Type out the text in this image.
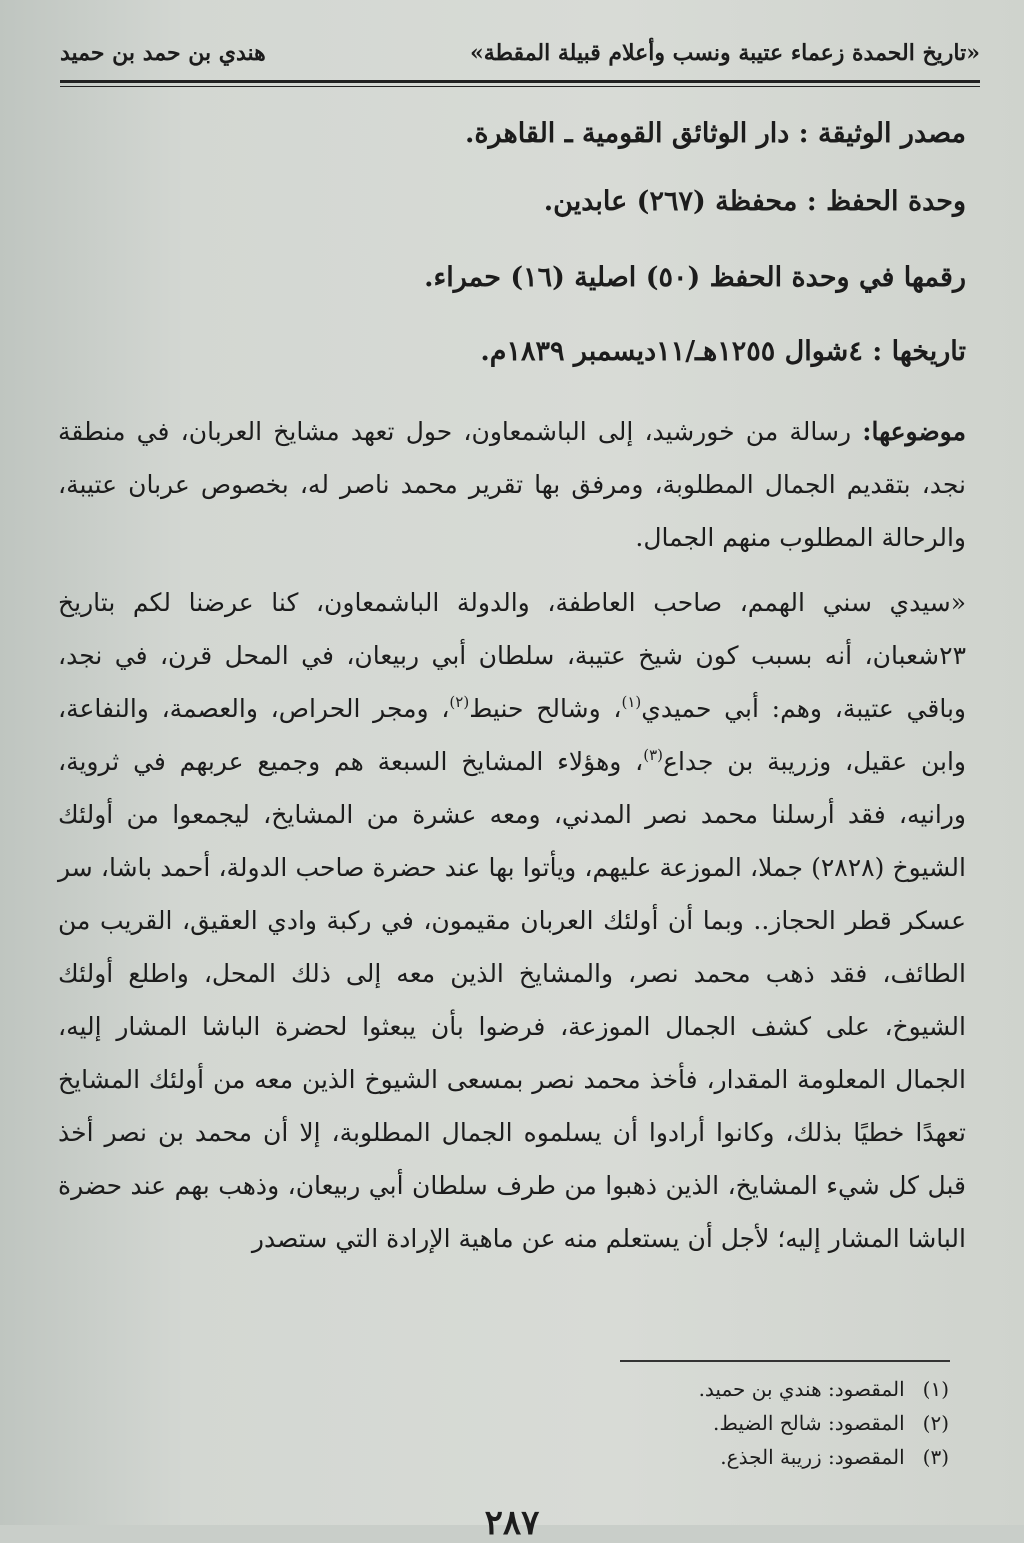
«تاريخ الحمدة زعماء عتيبة ونسب وأعلام قبيلة المقطة»
هندي بن حمد بن حميد
مصدر الوثيقة : دار الوثائق القومية ـ القاهرة.
وحدة الحفظ : محفظة (٢٦٧) عابدين.
رقمها في وحدة الحفظ (٥٠) اصلية (١٦) حمراء.
تاريخها : ٤شوال ١٢٥٥هـ/١١ديسمبر ١٨٣٩م.
موضوعها: رسالة من خورشيد، إلى الباشمعاون، حول تعهد مشايخ العربان، في منطقة نجد، بتقديم الجمال المطلوبة، ومرفق بها تقرير محمد ناصر له، بخصوص عربان عتيبة، والرحالة المطلوب منهم الجمال.
«سيدي سني الهمم، صاحب العاطفة، والدولة الباشمعاون، كنا عرضنا لكم بتاريخ ٢٣شعبان، أنه بسبب كون شيخ عتيبة، سلطان أبي ربيعان، في المحل قرن، في نجد، وباقي عتيبة، وهم: أبي حميدي$^{(١)}$، وشالح حنيط$^{(٢)}$، ومجر الحراص، والعصمة، والنفاعة، وابن عقيل، وزريبة بن جداع$^{(٣)}$، وهؤلاء المشايخ السبعة هم وجميع عربهم في ثروية، ورانيه، فقد أرسلنا محمد نصر المدني، ومعه عشرة من المشايخ، ليجمعوا من أولئك الشيوخ (٢٨٢٨) جملا، الموزعة عليهم، ويأتوا بها عند حضرة صاحب الدولة، أحمد باشا، سر عسكر قطر الحجاز.. وبما أن أولئك العربان مقيمون، في ركبة وادي العقيق، القريب من الطائف، فقد ذهب محمد نصر، والمشايخ الذين معه إلى ذلك المحل، واطلع أولئك الشيوخ، على كشف الجمال الموزعة، فرضوا بأن يبعثوا لحضرة الباشا المشار إليه، الجمال المعلومة المقدار، فأخذ محمد نصر بمسعى الشيوخ الذين معه من أولئك المشايخ تعهدًا خطيًا بذلك، وكانوا أرادوا أن يسلموه الجمال المطلوبة، إلا أن محمد بن نصر أخذ قبل كل شيء المشايخ، الذين ذهبوا من طرف سلطان أبي ربيعان، وذهب بهم عند حضرة الباشا المشار إليه؛ لأجل أن يستعلم منه عن ماهية الإرادة التي ستصدر
(١) المقصود: هندي بن حميد.
(٢) المقصود: شالح الضيط.
(٣) المقصود: زريبة الجذع.
٢٨٧
